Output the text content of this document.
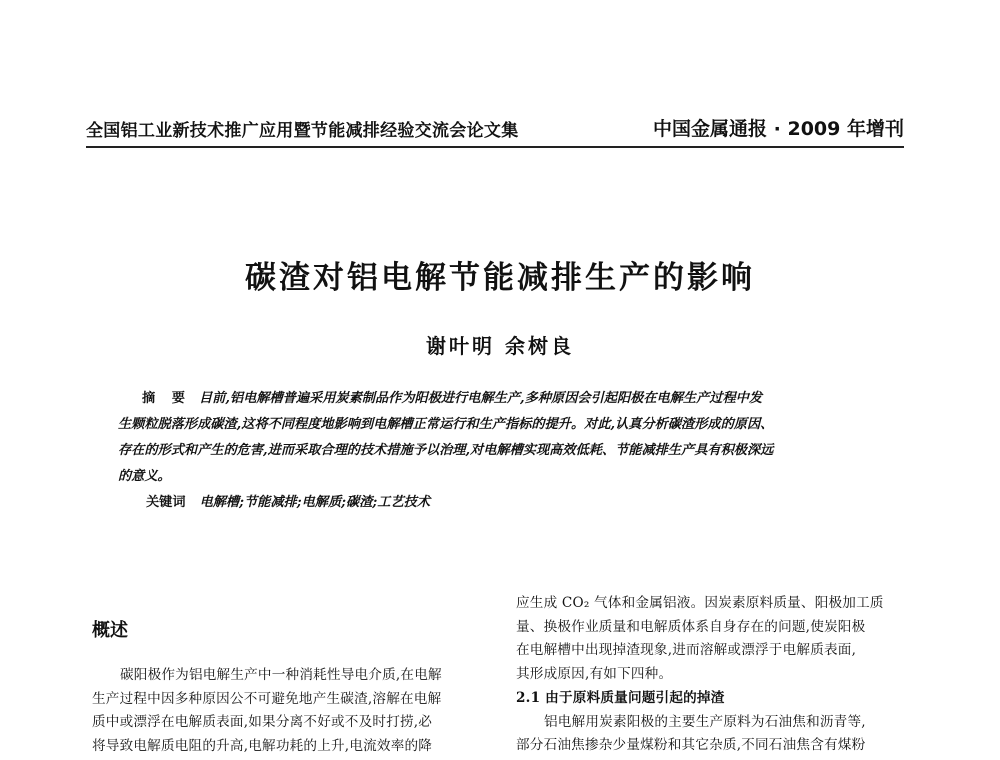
全国铝工业新技术推广应用暨节能减排经验交流会论文集	中国金属通报 · 2009 年增刊
碳渣对铝电解节能减排生产的影响
谢叶明 余树良
摘 要 目前,铝电解槽普遍采用炭素制品作为阳极进行电解生产,多种原因会引起阳极在电解生产过程中发
生颗粒脱落形成碳渣,这将不同程度地影响到电解槽正常运行和生产指标的提升。对此,认真分析碳渣形成的原因、
存在的形式和产生的危害,进而采取合理的技术措施予以治理,对电解槽实现高效低耗、节能减排生产具有积极深远
的意义。
关键词 电解槽;节能减排;电解质;碳渣;工艺技术
概述
碳阳极作为铝电解生产中一种消耗性导电介质,在电解
生产过程中因多种原因公不可避免地产生碳渣,溶解在电解
质中或漂浮在电解质表面,如果分离不好或不及时打捞,必
将导致电解质电阻的升高,电解功耗的上升,电流效率的降
应生成 CO₂ 气体和金属铝液。因炭素原料质量、阳极加工质
量、换极作业质量和电解质体系自身存在的问题,使炭阳极
在电解槽中出现掉渣现象,进而溶解或漂浮于电解质表面,
其形成原因,有如下四种。
2.1 由于原料质量问题引起的掉渣
铝电解用炭素阳极的主要生产原料为石油焦和沥青等,
部分石油焦掺杂少量煤粉和其它杂质,不同石油焦含有煤粉
